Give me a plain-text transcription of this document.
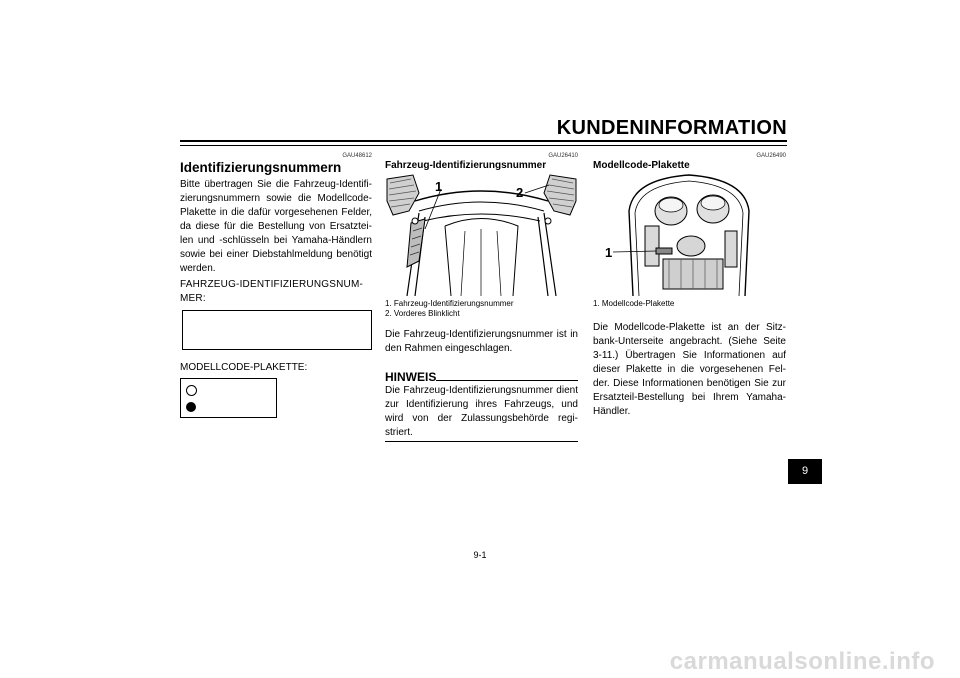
KUNDENINFORMATION
GAU48612
Identifizierungsnummern
Bitte übertragen Sie die Fahrzeug-Identifi-zierungsnummern sowie die Modellcode-Plakette in die dafür vorgesehenen Felder, da diese für die Bestellung von Ersatztei-len und -schlüsseln bei Yamaha-Händlern sowie bei einer Diebstahlmeldung benötigt werden.
FAHRZEUG-IDENTIFIZIERUNGSNUM-MER:
MODELLCODE-PLAKETTE:
GAU26410
Fahrzeug-Identifizierungsnummer
1	2
1. Fahrzeug-Identifizierungsnummer
2. Vorderes Blinklicht
Die Fahrzeug-Identifizierungsnummer ist in den Rahmen eingeschlagen.
HINWEIS
Die Fahrzeug-Identifizierungsnummer dient zur Identifizierung ihres Fahrzeugs, und wird von der Zulassungsbehörde regi-striert.
GAU26490
Modellcode-Plakette
1
1. Modellcode-Plakette
Die Modellcode-Plakette ist an der Sitz-bank-Unterseite angebracht. (Siehe Seite 3-11.) Übertragen Sie Informationen auf dieser Plakette in die vorgesehenen Fel-der. Diese Informationen benötigen Sie zur Ersatzteil-Bestellung bei Ihrem Yamaha-Händler.
9
9-1
carmanualsonline.info
